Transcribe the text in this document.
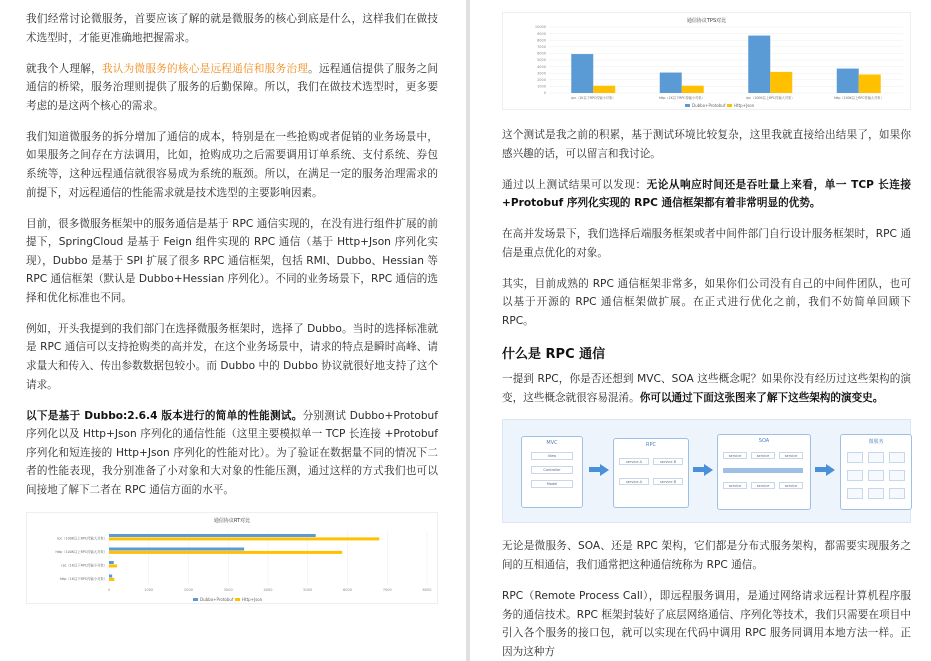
我们经常讨论微服务，首要应该了解的就是微服务的核心到底是什么，这样我们在做技术选型时，才能更准确地把握需求。

就我个人理解，我认为微服务的核心是远程通信和服务治理。远程通信提供了服务之间通信的桥梁，服务治理则提供了服务的后勤保障。所以，我们在做技术选型时，更多要考虑的是这两个核心的需求。

我们知道微服务的拆分增加了通信的成本，特别是在一些抢购或者促销的业务场景中，如果服务之间存在方法调用，比如，抢购成功之后需要调用订单系统、支付系统、券包系统等，这种远程通信就很容易成为系统的瓶颈。所以，在满足一定的服务治理需求的前提下，对远程通信的性能需求就是技术选型的主要影响因素。

目前，很多微服务框架中的服务通信是基于 RPC 通信实现的，在没有进行组件扩展的前提下，SpringCloud 是基于 Feign 组件实现的 RPC 通信（基于 Http+Json 序列化实现），Dubbo 是基于 SPI 扩展了很多 RPC 通信框架，包括 RMI、Dubbo、Hessian 等 RPC 通信框架（默认是 Dubbo+Hessian 序列化）。不同的业务场景下，RPC 通信的选择和优化标准也不同。

例如，开头我提到的我们部门在选择微服务框架时，选择了 Dubbo。当时的选择标准就是 RPC 通信可以支持抢购类的高并发，在这个业务场景中，请求的特点是瞬时高峰、请求量大和传入、传出参数数据包较小。而 Dubbo 中的 Dubbo 协议就很好地支持了这个请求。

以下是基于 Dubbo:2.6.4 版本进行的简单的性能测试。分别测试 Dubbo+Protobuf 序列化以及 Http+Json 序列化的通信性能（这里主要模拟单一 TCP 长连接 +Protobuf 序列化和短连接的 Http+Json 序列化的性能对比）。为了验证在数据量不同的情况下二者的性能表现，我分别准备了小对象和大对象的性能压测，通过这样的方式我们也可以间接地了解下二者在 RPC 通信方面的水平。

通信协议RT对比
0	1000	2000	3000	4000	5000	6000	7000	8000
rpc（100K以上RPC传输大对象）
http（100K以上RPC传输大对象）
rpc（1K以下RPC传输小对象）
http（1K以下RPC传输小对象）
Dubbo+Protobuf Http+Json
通信协议TPS对比
10000
9000
8000
7000
6000
5000
4000
3000
2000
1000
0
rpc（1K以下RPC传输小对象）	http（1K以下RPC传输小对象）	rpc（100K以上RPC传输大对象）	http（100K以上RPC传输大对象）
Dubbo+Protobuf Http+Json

这个测试是我之前的积累，基于测试环境比较复杂，这里我就直接给出结果了，如果你感兴趣的话，可以留言和我讨论。

通过以上测试结果可以发现：无论从响应时间还是吞吐量上来看，单一 TCP 长连接 +Protobuf 序列化实现的 RPC 通信框架都有着非常明显的优势。

在高并发场景下，我们选择后端服务框架或者中间件部门自行设计服务框架时，RPC 通信是重点优化的对象。

其实，目前成熟的 RPC 通信框架非常多，如果你们公司没有自己的中间件团队，也可以基于开源的 RPC 通信框架做扩展。在正式进行优化之前，我们不妨简单回顾下 RPC。

什么是 RPC 通信

一提到 RPC，你是否还想到 MVC、SOA 这些概念呢？如果你没有经历过这些架构的演变，这些概念就很容易混淆。你可以通过下面这张图来了解下这些架构的演变史。

MVC
View
Controller
Model
RPC
service A	service B
service A	service B
SOA
service	service	service
service	service	service
微服务

无论是微服务、SOA、还是 RPC 架构，它们都是分布式服务架构，都需要实现服务之间的互相通信，我们通常把这种通信统称为 RPC 通信。

RPC（Remote Process Call），即远程服务调用，是通过网络请求远程计算机程序服务的通信技术。RPC 框架封装好了底层网络通信、序列化等技术，我们只需要在项目中引入各个服务的接口包，就可以实现在代码中调用 RPC 服务同调用本地方法一样。正因为这种方
